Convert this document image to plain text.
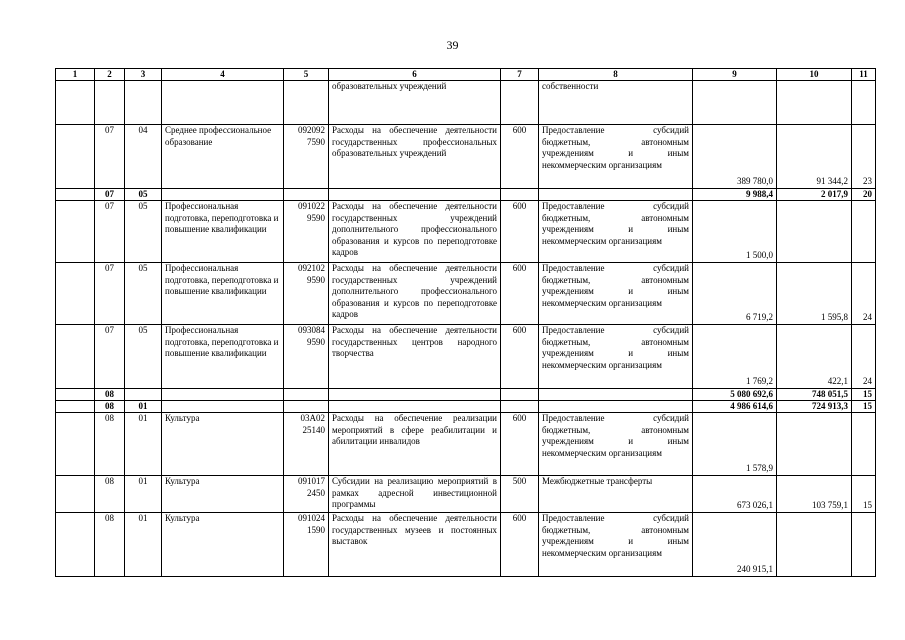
39
1	2	3	4	5	6	7	8	9	10	11
					образовательных учреждений		собственности			
	07	04	Среднее профессиональное образование	092092 7590	Расходы на обеспечение деятельности государственных профессиональных образовательных учреждений	600	Предоставление субсидий бюджетным, автономным учреждениям и иным некоммерческим организациям	389 780,0	91 344,2	23
	07	05						9 988,4	2 017,9	20
	07	05	Профессиональная подготовка, переподготовка и повышение квалификации	091022 9590	Расходы на обеспечение деятельности государственных учреждений дополнительного профессионального образования и курсов по переподготовке кадров	600	Предоставление субсидий бюджетным, автономным учреждениям и иным некоммерческим организациям	1 500,0		
	07	05	Профессиональная подготовка, переподготовка и повышение квалификации	092102 9590	Расходы на обеспечение деятельности государственных учреждений дополнительного профессионального образования и курсов по переподготовке кадров	600	Предоставление субсидий бюджетным, автономным учреждениям и иным некоммерческим организациям	6 719,2	1 595,8	24
	07	05	Профессиональная подготовка, переподготовка и повышение квалификации	093084 9590	Расходы на обеспечение деятельности государственных центров народного творчества	600	Предоставление субсидий бюджетным, автономным учреждениям и иным некоммерческим организациям	1 769,2	422,1	24
	08							5 080 692,6	748 051,5	15
	08	01						4 986 614,6	724 913,3	15
	08	01	Культура	03А02 25140	Расходы на обеспечение реализации мероприятий в сфере реабилитации и абилитации инвалидов	600	Предоставление субсидий бюджетным, автономным учреждениям и иным некоммерческим организациям	1 578,9		
	08	01	Культура	091017 2450	Субсидии на реализацию мероприятий в рамках адресной инвестиционной программы	500	Межбюджетные трансферты	673 026,1	103 759,1	15
	08	01	Культура	091024 1590	Расходы на обеспечение деятельности государственных музеев и постоянных выставок	600	Предоставление субсидий бюджетным, автономным учреждениям и иным некоммерческим организациям	240 915,1		
